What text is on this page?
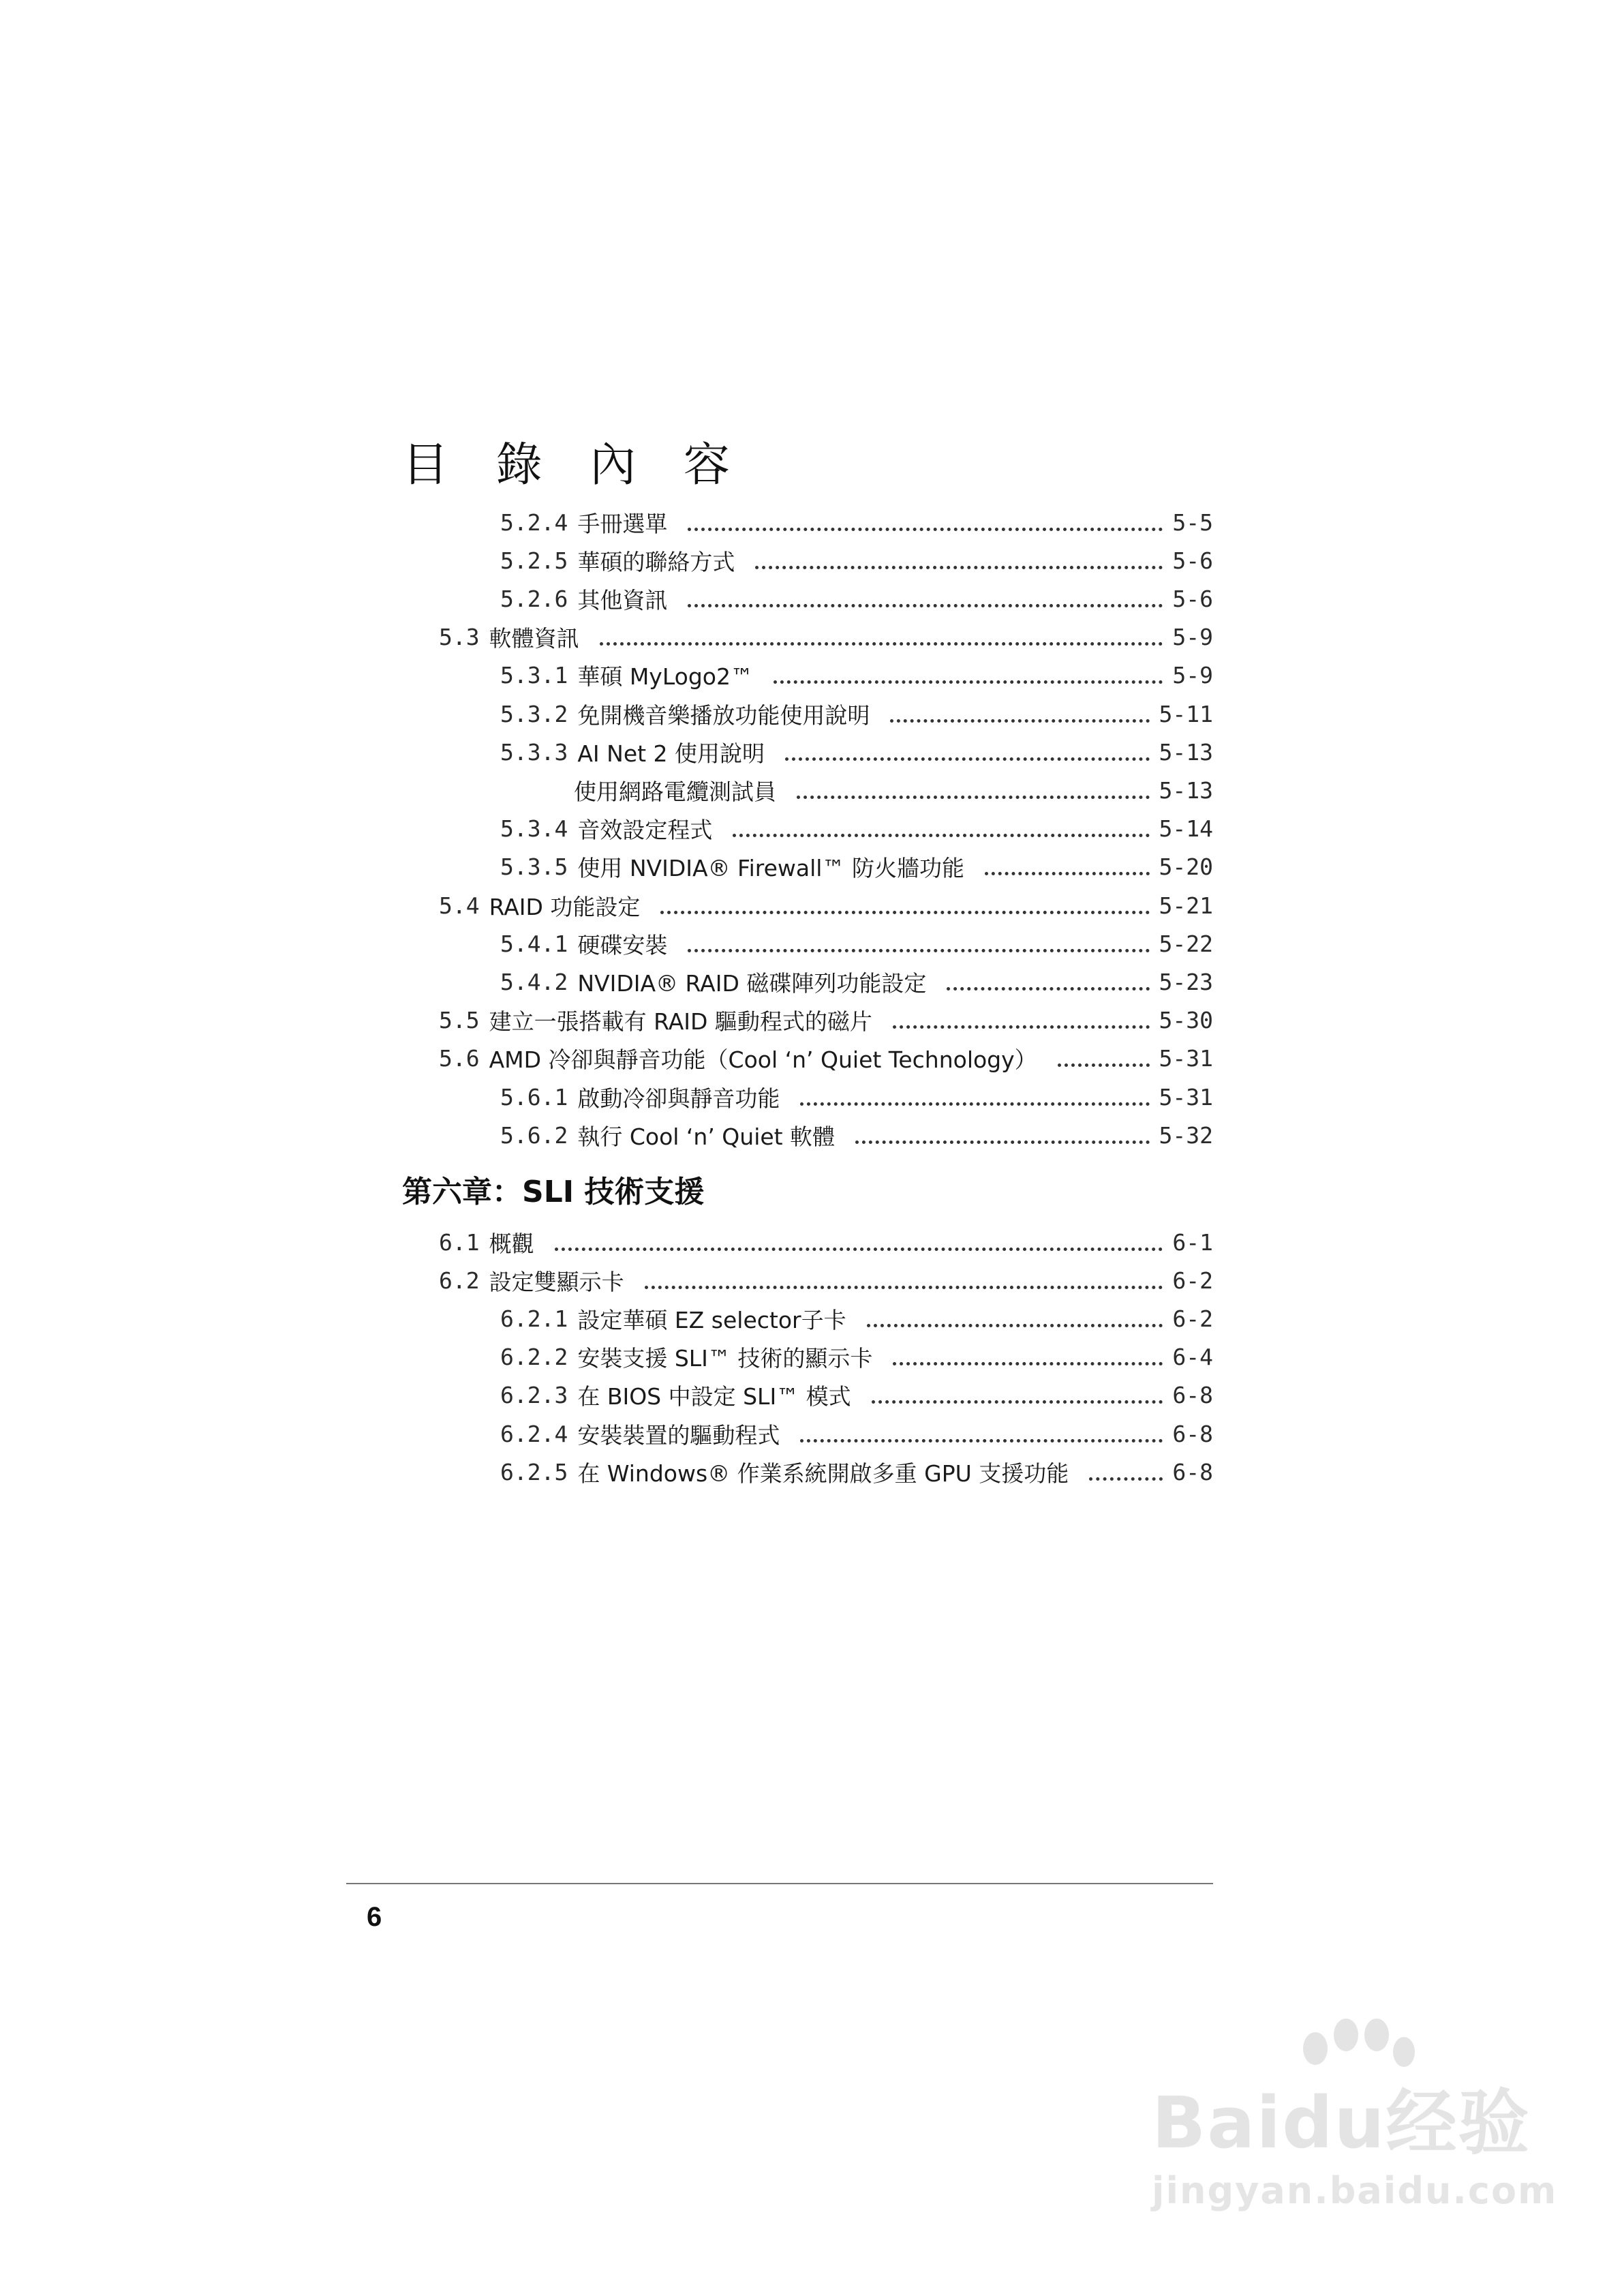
目 錄 內 容
5.2.4 手冊選單	5-5
5.2.5 華碩的聯絡方式	5-6
5.2.6 其他資訊	5-6
5.3 軟體資訊	5-9
5.3.1 華碩 MyLogo2™	5-9
5.3.2 免開機音樂播放功能使用說明	5-11
5.3.3 AI Net 2 使用說明	5-13
使用網路電纜測試員	5-13
5.3.4 音效設定程式	5-14
5.3.5 使用 NVIDIA® Firewall™ 防火牆功能	5-20
5.4 RAID 功能設定	5-21
5.4.1 硬碟安裝	5-22
5.4.2 NVIDIA® RAID 磁碟陣列功能設定	5-23
5.5 建立一張搭載有 RAID 驅動程式的磁片	5-30
5.6 AMD 冷卻與靜音功能（Cool ‘n’ Quiet Technology）	5-31
5.6.1 啟動冷卻與靜音功能	5-31
5.6.2 執行 Cool ‘n’ Quiet 軟體	5-32
第六章：SLI 技術支援
6.1 概觀	6-1
6.2 設定雙顯示卡	6-2
6.2.1 設定華碩 EZ selector子卡	6-2
6.2.2 安裝支援 SLI™ 技術的顯示卡	6-4
6.2.3 在 BIOS 中設定 SLI™ 模式	6-8
6.2.4 安裝裝置的驅動程式	6-8
6.2.5 在 Windows® 作業系統開啟多重 GPU 支援功能	6-8
6
Baidu经验
jingyan.baidu.com
